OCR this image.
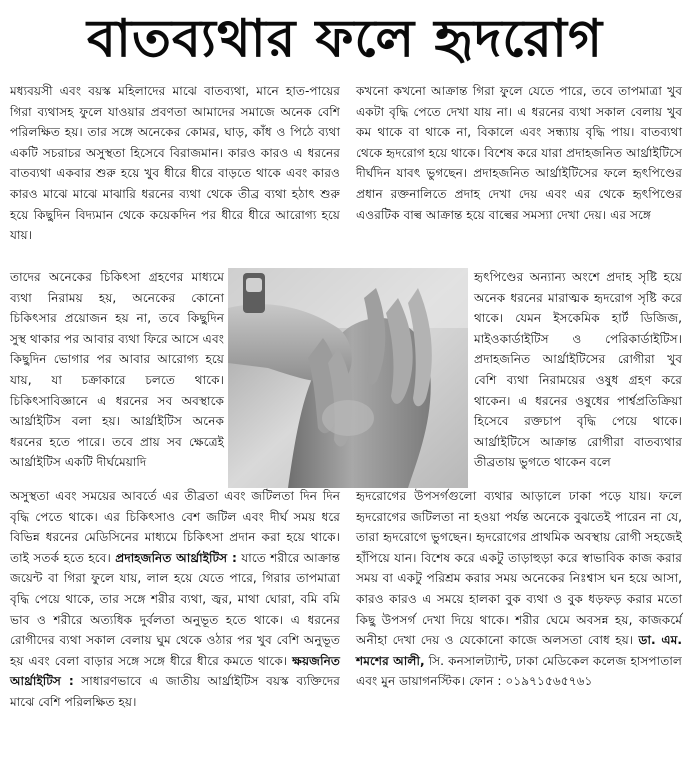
বাতব্যথার ফলে হৃদরোগ

মধ্যবয়সী এবং বয়স্ক মহিলাদের মাঝে বাতব্যথা, মানে হাত-পায়ের গিরা ব্যথাসহ ফুলে যাওয়ার প্রবণতা আমাদের সমাজে অনেক বেশি পরিলক্ষিত হয়। তার সঙ্গে অনেকের কোমর, ঘাড়, কাঁধ ও পিঠে ব্যথা একটি সচরাচর অসুস্থতা হিসেবে বিরাজমান। কারও কারও এ ধরনের বাতব্যথা একবার শুরু হয়ে খুব ধীরে ধীরে বাড়তে থাকে এবং কারও কারও মাঝে মাঝে মাঝারি ধরনের ব্যথা থেকে তীব্র ব্যথা হঠাৎ শুরু হয়ে কিছুদিন বিদ্যমান থেকে কয়েকদিন পর ধীরে ধীরে আরোগ্য হয়ে যায়।

তাদের অনেকের চিকিৎসা গ্রহণের মাধ্যমে ব্যথা নিরাময় হয়, অনেকের কোনো চিকিৎসার প্রয়োজন হয় না, তবে কিছুদিন সুস্থ থাকার পর আবার ব্যথা ফিরে আসে এবং কিছুদিন ভোগার পর আবার আরোগ্য হয়ে যায়, যা চক্রাকারে চলতে থাকে। চিকিৎসাবিজ্ঞানে এ ধরনের সব অবস্থাকে আর্থ্রাইটিস বলা হয়। আর্থ্রাইটিস অনেক ধরনের হতে পারে। তবে প্রায় সব ক্ষেত্রেই আর্থ্রাইটিস একটি দীর্ঘমেয়াদি

অসুস্থতা এবং সময়ের আবর্তে এর তীব্রতা এবং জটিলতা দিন দিন বৃদ্ধি পেতে থাকে। এর চিকিৎসাও বেশ জটিল এবং দীর্ঘ সময় ধরে বিভিন্ন ধরনের মেডিসিনের মাধ্যমে চিকিৎসা প্রদান করা হয়ে থাকে। তাই সতর্ক হতে হবে। প্রদাহজনিত আর্থ্রাইটিস : যাতে শরীরে আক্রান্ত জয়েন্ট বা গিরা ফুলে যায়, লাল হয়ে যেতে পারে, গিরার তাপমাত্রা বৃদ্ধি পেয়ে থাকে, তার সঙ্গে শরীর ব্যথা, জ্বর, মাথা ঘোরা, বমি বমি ভাব ও শরীরে অত্যধিক দুর্বলতা অনুভূত হতে থাকে। এ ধরনের রোগীদের ব্যথা সকাল বেলায় ঘুম থেকে ওঠার পর খুব বেশি অনুভূত হয় এবং বেলা বাড়ার সঙ্গে সঙ্গে ধীরে ধীরে কমতে থাকে। ক্ষয়জনিত আর্থ্রাইটিস : সাধারণভাবে এ জাতীয় আর্থ্রাইটিস বয়স্ক ব্যক্তিদের মাঝে বেশি পরিলক্ষিত হয়।

কখনো কখনো আক্রান্ত গিরা ফুলে যেতে পারে, তবে তাপমাত্রা খুব একটা বৃদ্ধি পেতে দেখা যায় না। এ ধরনের ব্যথা সকাল বেলায় খুব কম থাকে বা থাকে না, বিকালে এবং সন্ধ্যায় বৃদ্ধি পায়। বাতব্যথা থেকে হৃদরোগ হয়ে থাকে। বিশেষ করে যারা প্রদাহজনিত আর্থ্রাইটিসে দীর্ঘদিন যাবৎ ভুগছেন। প্রদাহজনিত আর্থ্রাইটিসের ফলে হৃৎপিণ্ডের প্রধান রক্তনালিতে প্রদাহ দেখা দেয় এবং এর থেকে হৃৎপিণ্ডের এওরটিক বাল্ব আক্রান্ত হয়ে বাল্বের সমস্যা দেখা দেয়। এর সঙ্গে

হৃৎপিণ্ডের অন্যান্য অংশে প্রদাহ সৃষ্টি হয়ে অনেক ধরনের মারাত্মক হৃদরোগ সৃষ্টি করে থাকে। যেমন ইসকেমিক হার্ট ডিজিজ, মাইওকার্ডাইটিস ও পেরিকার্ডাইটিস। প্রদাহজনিত আর্থ্রাইটিসের রোগীরা খুব বেশি ব্যথা নিরাময়ের ওষুধ গ্রহণ করে থাকেন। এ ধরনের ওষুধের পার্শ্বপ্রতিক্রিয়া হিসেবে রক্তচাপ বৃদ্ধি পেয়ে থাকে। আর্থ্রাইটিসে আক্রান্ত রোগীরা বাতব্যথার তীব্রতায় ভুগতে থাকেন বলে

হৃদরোগের উপসর্গগুলো ব্যথার আড়ালে ঢাকা পড়ে যায়। ফলে হৃদরোগের জটিলতা না হওয়া পর্যন্ত অনেকে বুঝতেই পারেন না যে, তারা হৃদরোগে ভুগছেন। হৃদরোগের প্রাথমিক অবস্থায় রোগী সহজেই হাঁপিয়ে যান। বিশেষ করে একটু তাড়াহুড়া করে স্বাভাবিক কাজ করার সময় বা একটু পরিশ্রম করার সময় অনেকের নিঃশ্বাস ঘন হয়ে আসা, কারও কারও এ সময়ে হালকা বুক ব্যথা ও বুক ধড়ফড় করার মতো কিছু উপসর্গ দেখা দিয়ে থাকে। শরীর ঘেমে অবসন্ন হয়, কাজকর্মে অনীহা দেখা দেয় ও যেকোনো কাজে অলসতা বোধ হয়। ডা. এম. শমশের আলী, সি. কনসালট্যান্ট, ঢাকা মেডিকেল কলেজ হাসপাতাল এবং মুন ডায়াগনস্টিক। ফোন : ০১৯৭১৫৬৫৭৬১
